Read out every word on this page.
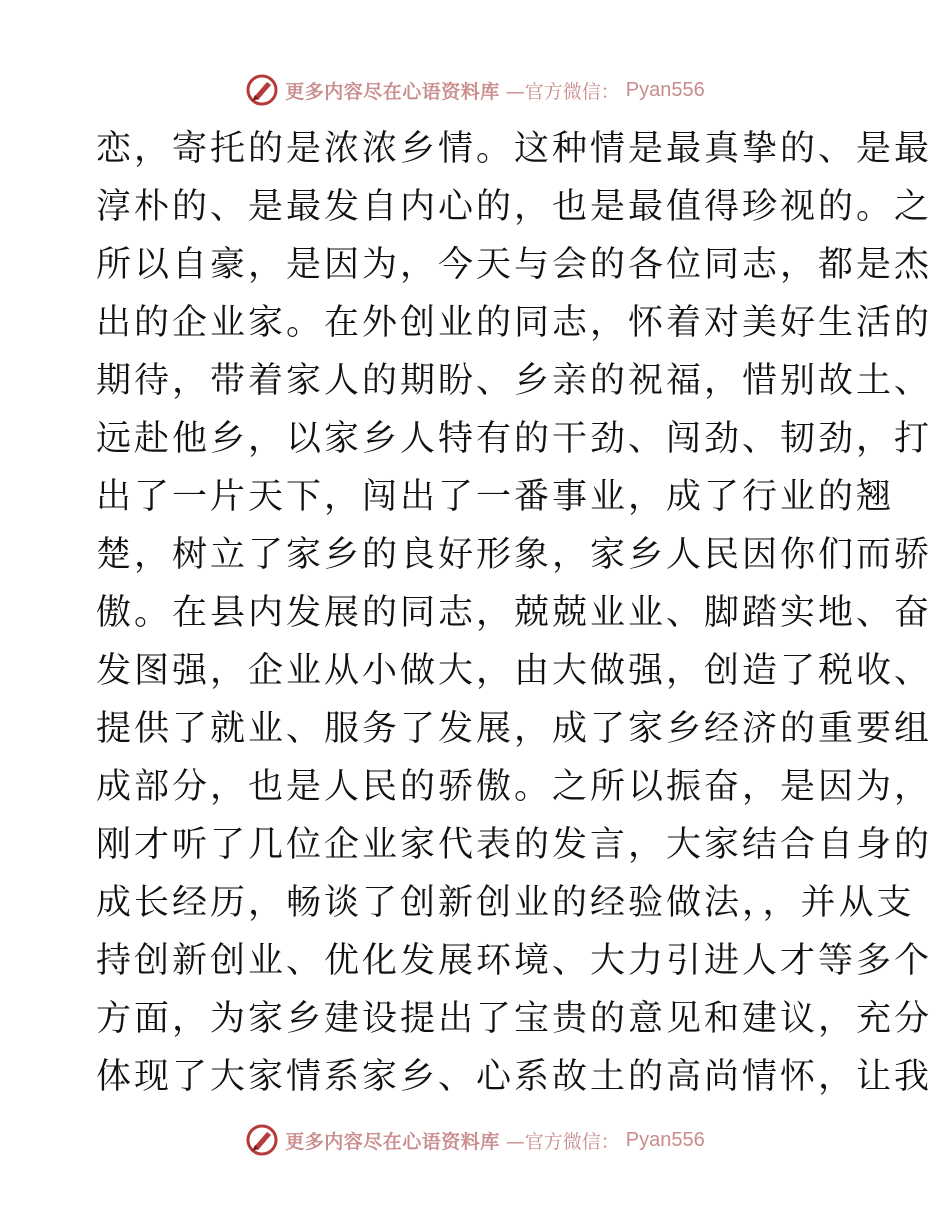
更多内容尽在心语资料库 —官方微信： Pyan556
恋，寄托的是浓浓乡情。这种情是最真挚的、是最
淳朴的、是最发自内心的，也是最值得珍视的。之
所以自豪，是因为，今天与会的各位同志，都是杰
出的企业家。在外创业的同志，怀着对美好生活的
期待，带着家人的期盼、乡亲的祝福，惜别故土、
远赴他乡，以家乡人特有的干劲、闯劲、韧劲，打
出了一片天下，闯出了一番事业，成了行业的翘
楚，树立了家乡的良好形象，家乡人民因你们而骄
傲。在县内发展的同志，兢兢业业、脚踏实地、奋
发图强，企业从小做大，由大做强，创造了税收、
提供了就业、服务了发展，成了家乡经济的重要组
成部分，也是人民的骄傲。之所以振奋，是因为，
刚才听了几位企业家代表的发言，大家结合自身的
成长经历，畅谈了创新创业的经验做法，，并从支
持创新创业、优化发展环境、大力引进人才等多个
方面，为家乡建设提出了宝贵的意见和建议，充分
体现了大家情系家乡、心系故土的高尚情怀，让我
更多内容尽在心语资料库 —官方微信： Pyan556
